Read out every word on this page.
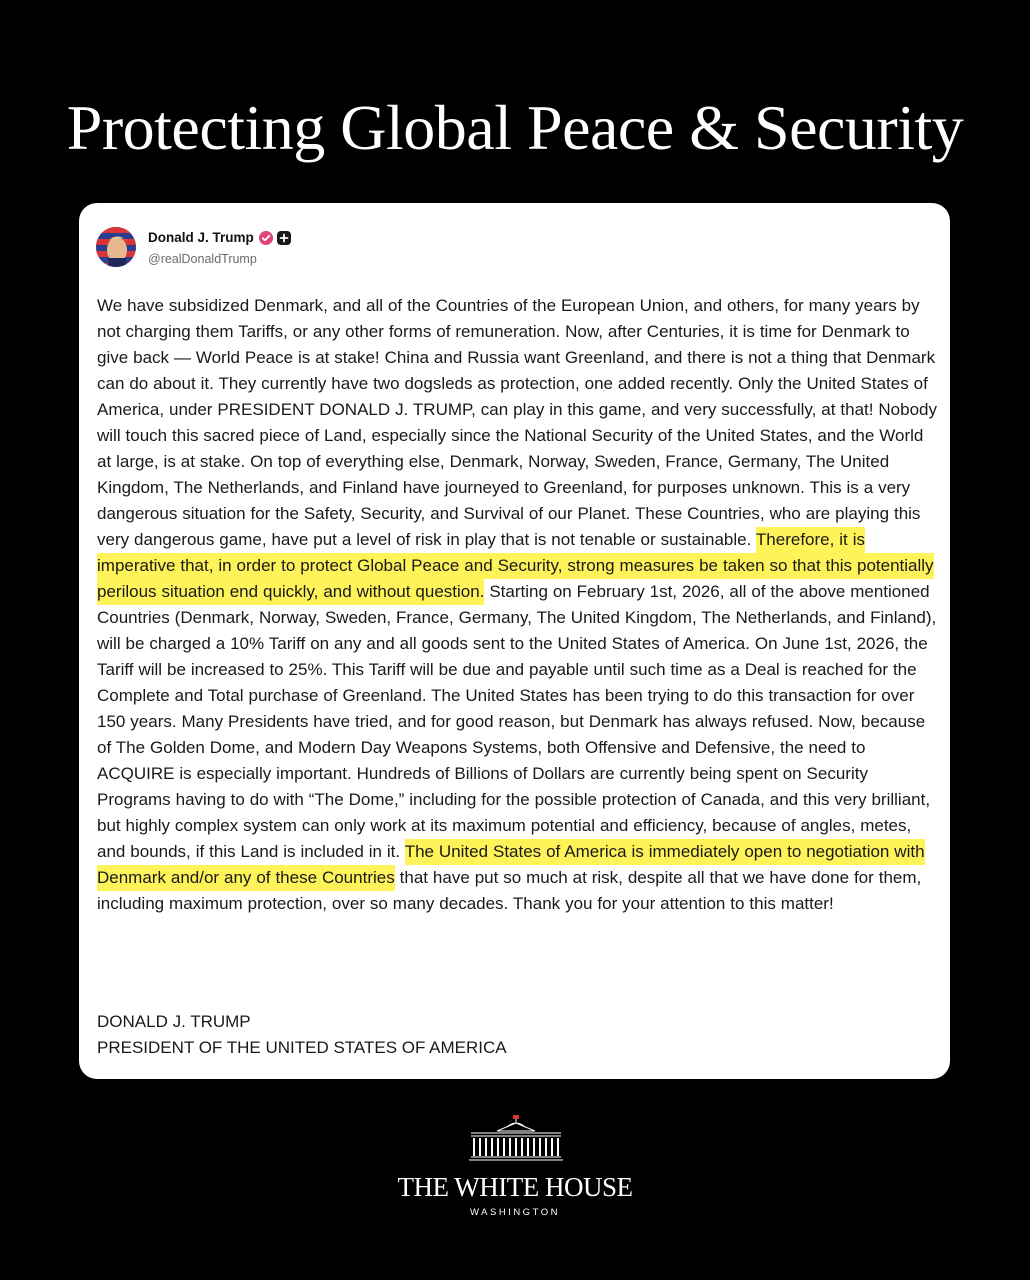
Protecting Global Peace & Security
Donald J. Trump
@realDonaldTrump

We have subsidized Denmark, and all of the Countries of the European Union, and others, for many years by not charging them Tariffs, or any other forms of remuneration. Now, after Centuries, it is time for Denmark to give back — World Peace is at stake! China and Russia want Greenland, and there is not a thing that Denmark can do about it. They currently have two dogsleds as protection, one added recently. Only the United States of America, under PRESIDENT DONALD J. TRUMP, can play in this game, and very successfully, at that! Nobody will touch this sacred piece of Land, especially since the National Security of the United States, and the World at large, is at stake. On top of everything else, Denmark, Norway, Sweden, France, Germany, The United Kingdom, The Netherlands, and Finland have journeyed to Greenland, for purposes unknown. This is a very dangerous situation for the Safety, Security, and Survival of our Planet. These Countries, who are playing this very dangerous game, have put a level of risk in play that is not tenable or sustainable. Therefore, it is imperative that, in order to protect Global Peace and Security, strong measures be taken so that this potentially perilous situation end quickly, and without question. Starting on February 1st, 2026, all of the above mentioned Countries (Denmark, Norway, Sweden, France, Germany, The United Kingdom, The Netherlands, and Finland), will be charged a 10% Tariff on any and all goods sent to the United States of America. On June 1st, 2026, the Tariff will be increased to 25%. This Tariff will be due and payable until such time as a Deal is reached for the Complete and Total purchase of Greenland. The United States has been trying to do this transaction for over 150 years. Many Presidents have tried, and for good reason, but Denmark has always refused. Now, because of The Golden Dome, and Modern Day Weapons Systems, both Offensive and Defensive, the need to ACQUIRE is especially important. Hundreds of Billions of Dollars are currently being spent on Security Programs having to do with “The Dome,” including for the possible protection of Canada, and this very brilliant, but highly complex system can only work at its maximum potential and efficiency, because of angles, metes, and bounds, if this Land is included in it. The United States of America is immediately open to negotiation with Denmark and/or any of these Countries that have put so much at risk, despite all that we have done for them, including maximum protection, over so many decades. Thank you for your attention to this matter!

DONALD J. TRUMP
PRESIDENT OF THE UNITED STATES OF AMERICA
THE WHITE HOUSE
WASHINGTON
